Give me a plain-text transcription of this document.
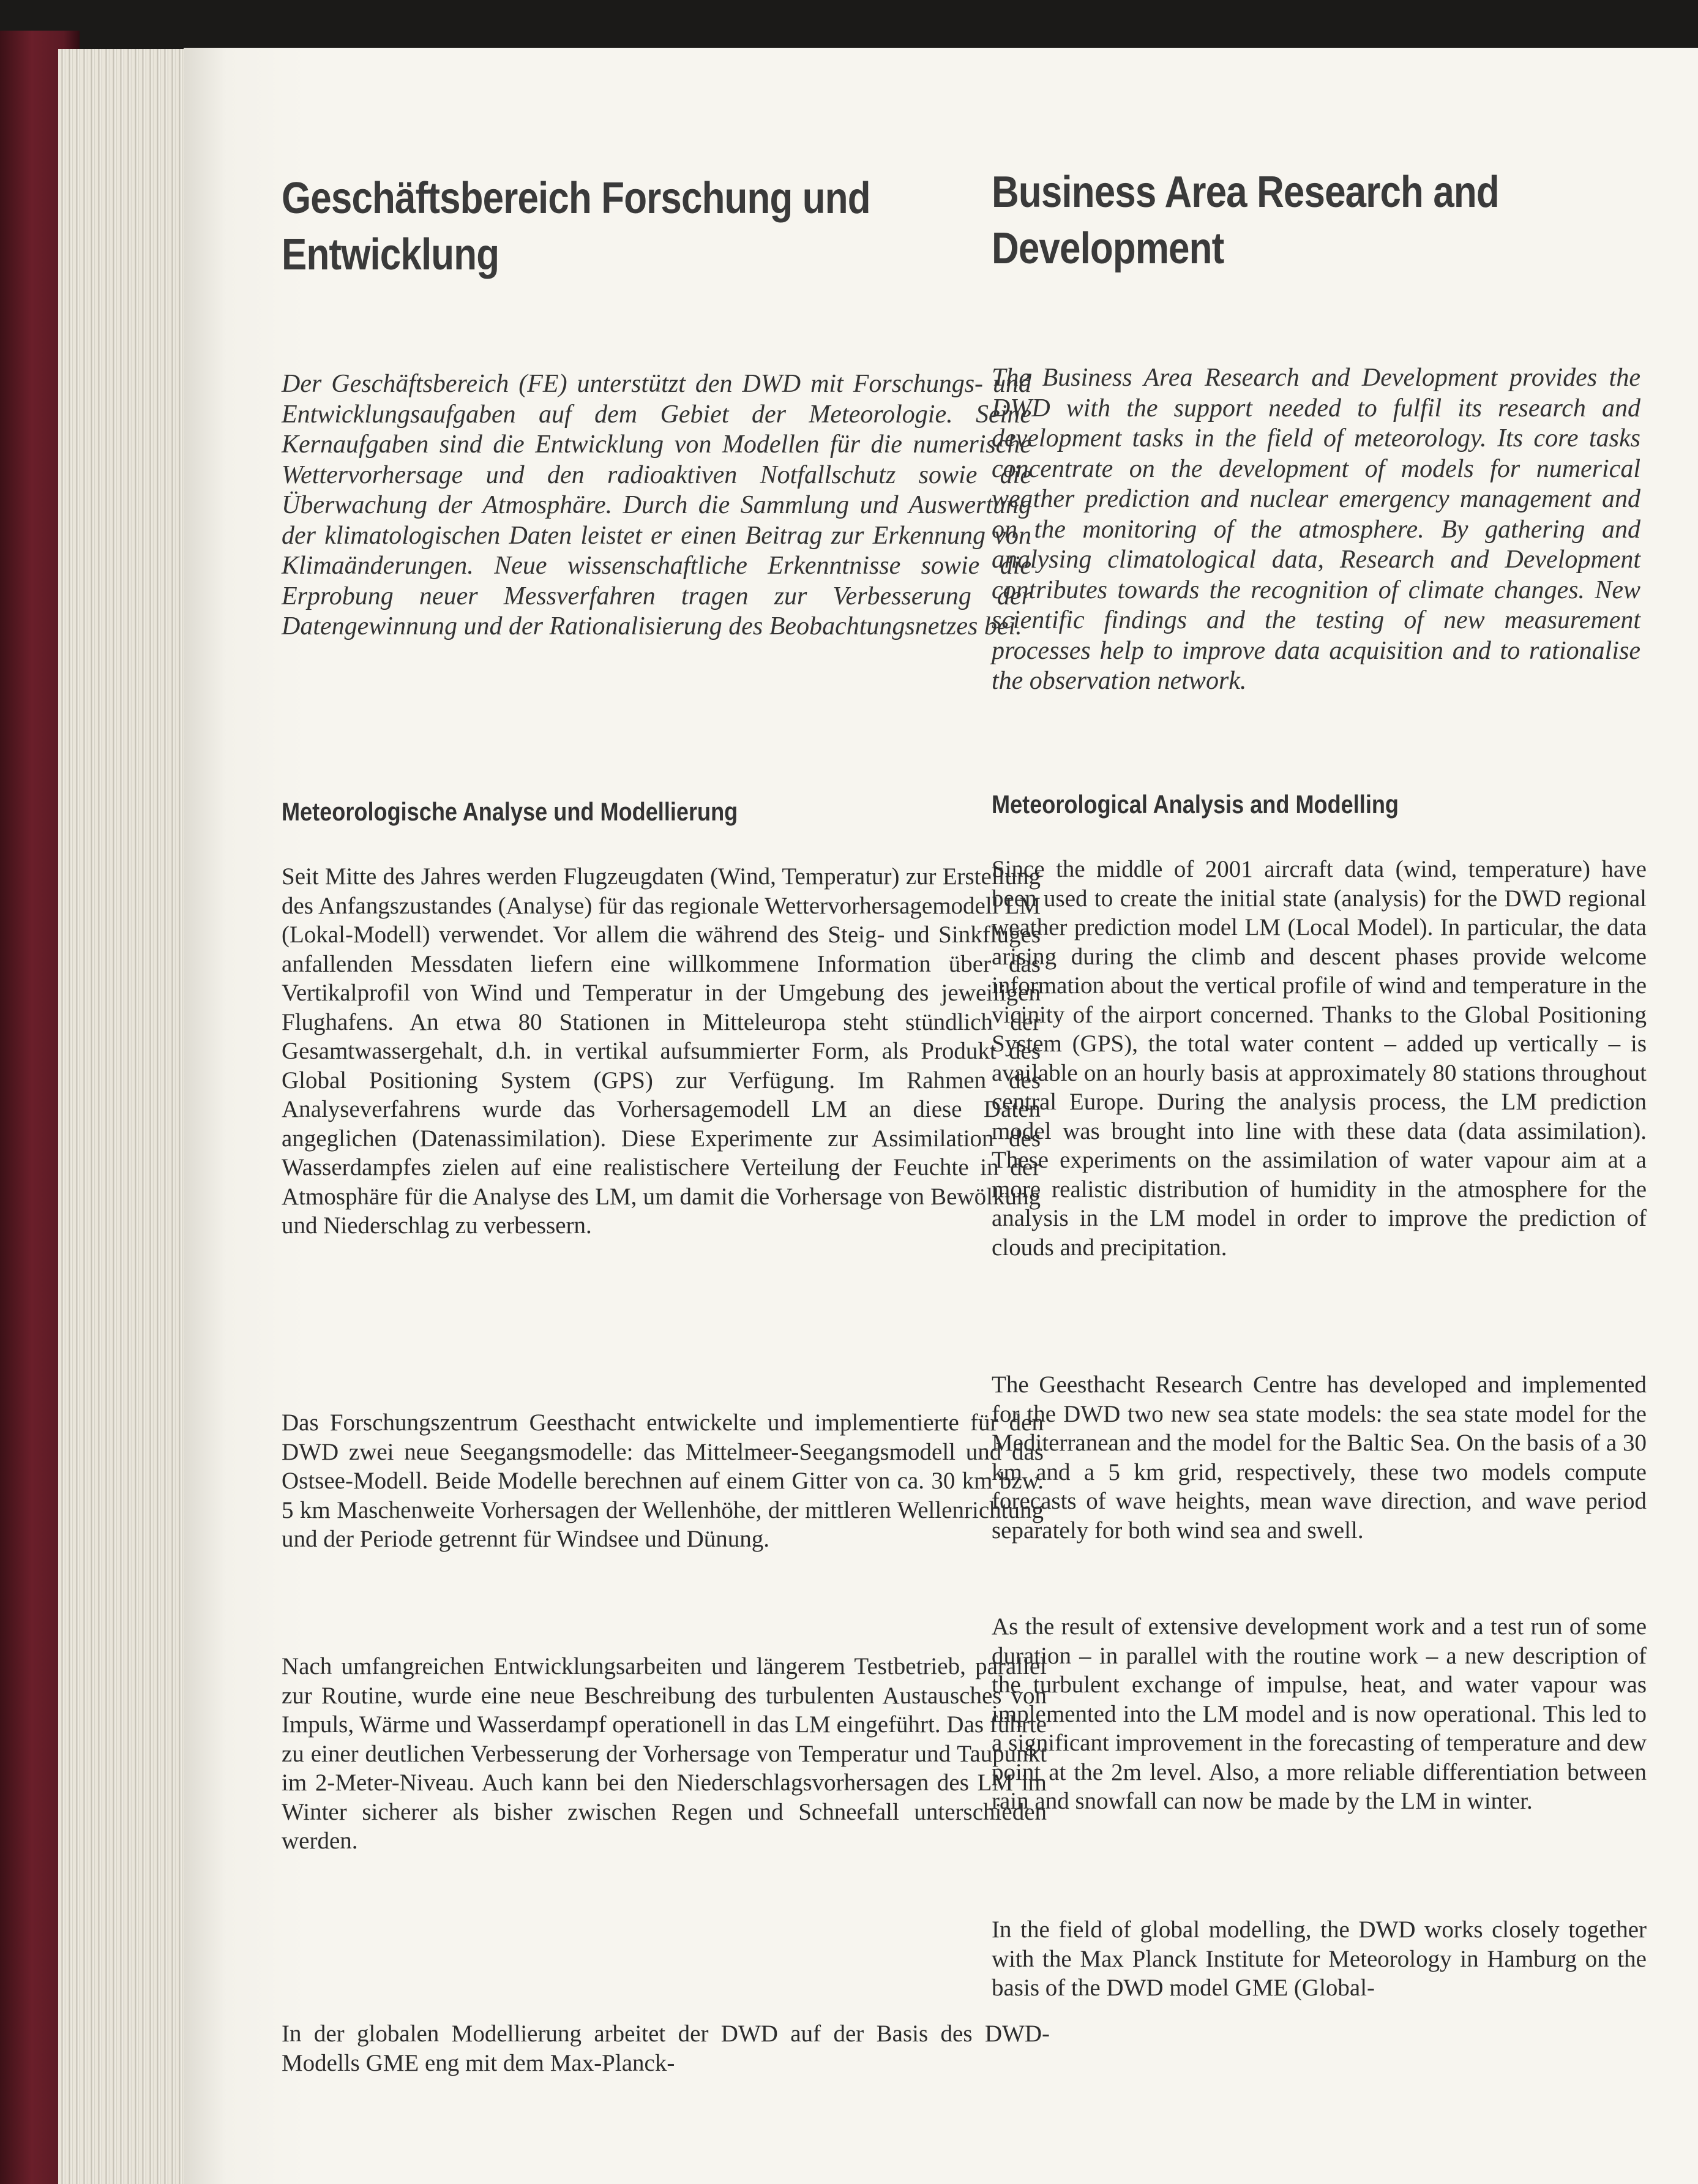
Geschäftsbereich Forschung und Entwicklung

Der Geschäftsbereich (FE) unterstützt den DWD mit Forschungs- und Entwicklungsaufgaben auf dem Gebiet der Meteorologie. Seine Kernaufgaben sind die Entwicklung von Modellen für die numerische Wettervorhersage und den radioaktiven Notfallschutz sowie die Überwachung der Atmosphäre. Durch die Sammlung und Auswertung der klimatologischen Daten leistet er einen Beitrag zur Erkennung von Klimaänderungen. Neue wissenschaftliche Erkenntnisse sowie die Erprobung neuer Messverfahren tragen zur Verbesserung der Datengewinnung und der Rationalisierung des Beobachtungsnetzes bei.

Meteorologische Analyse und Modellierung

Seit Mitte des Jahres werden Flugzeugdaten (Wind, Temperatur) zur Erstellung des Anfangszustandes (Analyse) für das regionale Wettervorhersagemodell LM (Lokal-Modell) verwendet. Vor allem die während des Steig- und Sinkfluges anfallenden Messdaten liefern eine willkommene Information über das Vertikalprofil von Wind und Temperatur in der Umgebung des jeweiligen Flughafens. An etwa 80 Stationen in Mitteleuropa steht stündlich der Gesamtwassergehalt, d.h. in vertikal aufsummierter Form, als Produkt des Global Positioning System (GPS) zur Verfügung. Im Rahmen des Analyseverfahrens wurde das Vorhersagemodell LM an diese Daten angeglichen (Datenassimilation). Diese Experimente zur Assimilation des Wasserdampfes zielen auf eine realistischere Verteilung der Feuchte in der Atmosphäre für die Analyse des LM, um damit die Vorhersage von Bewölkung und Niederschlag zu verbessern.

Das Forschungszentrum Geesthacht entwickelte und implementierte für den DWD zwei neue Seegangsmodelle: das Mittelmeer-Seegangsmodell und das Ostsee-Modell. Beide Modelle berechnen auf einem Gitter von ca. 30 km bzw. 5 km Maschenweite Vorhersagen der Wellenhöhe, der mittleren Wellenrichtung und der Periode getrennt für Windsee und Dünung.

Nach umfangreichen Entwicklungsarbeiten und längerem Testbetrieb, parallel zur Routine, wurde eine neue Beschreibung des turbulenten Austausches von Impuls, Wärme und Wasserdampf operationell in das LM eingeführt. Das führte zu einer deutlichen Verbesserung der Vorhersage von Temperatur und Taupunkt im 2-Meter-Niveau. Auch kann bei den Niederschlagsvorhersagen des LM im Winter sicherer als bisher zwischen Regen und Schneefall unterschieden werden.

In der globalen Modellierung arbeitet der DWD auf der Basis des DWD-Modells GME eng mit dem Max-Planck-

Business Area Research and Development

The Business Area Research and Development provides the DWD with the support needed to fulfil its research and development tasks in the field of meteorology. Its core tasks concentrate on the development of models for numerical weather prediction and nuclear emergency management and on the monitoring of the atmosphere. By gathering and analysing climatological data, Research and Development contributes towards the recognition of climate changes. New scientific findings and the testing of new measurement processes help to improve data acquisition and to rationalise the observation network.

Meteorological Analysis and Modelling

Since the middle of 2001 aircraft data (wind, temperature) have been used to create the initial state (analysis) for the DWD regional weather prediction model LM (Local Model). In particular, the data arising during the climb and descent phases provide welcome information about the vertical profile of wind and temperature in the vicinity of the airport concerned. Thanks to the Global Positioning System (GPS), the total water content – added up vertically – is available on an hourly basis at approximately 80 stations throughout central Europe. During the analysis process, the LM prediction model was brought into line with these data (data assimilation). These experiments on the assimilation of water vapour aim at a more realistic distribution of humidity in the atmosphere for the analysis in the LM model in order to improve the prediction of clouds and precipitation.

The Geesthacht Research Centre has developed and implemented for the DWD two new sea state models: the sea state model for the Mediterranean and the model for the Baltic Sea. On the basis of a 30 km and a 5 km grid, respectively, these two models compute forecasts of wave heights, mean wave direction, and wave period separately for both wind sea and swell.

As the result of extensive development work and a test run of some duration – in parallel with the routine work – a new description of the turbulent exchange of impulse, heat, and water vapour was implemented into the LM model and is now operational. This led to a significant improvement in the forecasting of temperature and dew point at the 2m level. Also, a more reliable differentiation between rain and snowfall can now be made by the LM in winter.

In the field of global modelling, the DWD works closely together with the Max Planck Institute for Meteorology in Hamburg on the basis of the DWD model GME (Global-
